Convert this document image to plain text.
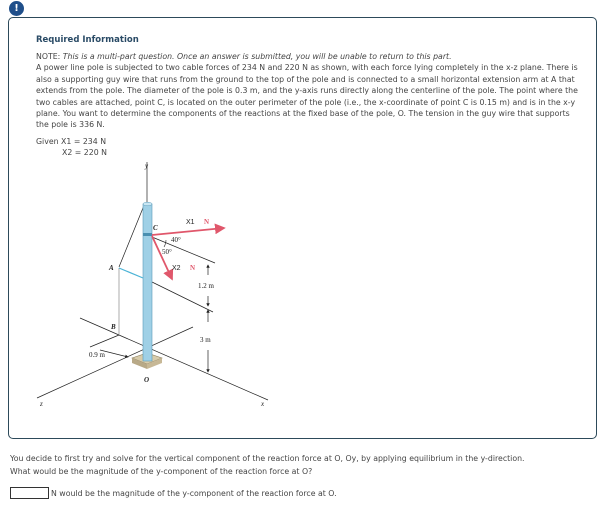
!
Required Information
NOTE: This is a multi-part question. Once an answer is submitted, you will be unable to return to this part.
A power line pole is subjected to two cable forces of 234 N and 220 N as shown, with each force lying completely in the x-z plane. There is also a supporting guy wire that runs from the ground to the top of the pole and is connected to a small horizontal extension arm at A that extends from the pole. The diameter of the pole is 0.3 m, and the y-axis runs directly along the centerline of the pole. The point where the two cables are attached, point C, is located on the outer perimeter of the pole (i.e., the x-coordinate of point C is 0.15 m) and is in the x-y plane. You want to determine the components of the reactions at the fixed base of the pole, O. The tension in the guy wire that supports the pole is 336 N.
Given X1 = 234 N
X2 = 220 N
y
C
A
B
O
z	x
X1 N
X2 N
40°
50°
1.2 m
3 m
0.9 m
You decide to first try and solve for the vertical component of the reaction force at O, Oy, by applying equilibrium in the y-direction.
What would be the magnitude of the y-component of the reaction force at O?
N would be the magnitude of the y-component of the reaction force at O.
